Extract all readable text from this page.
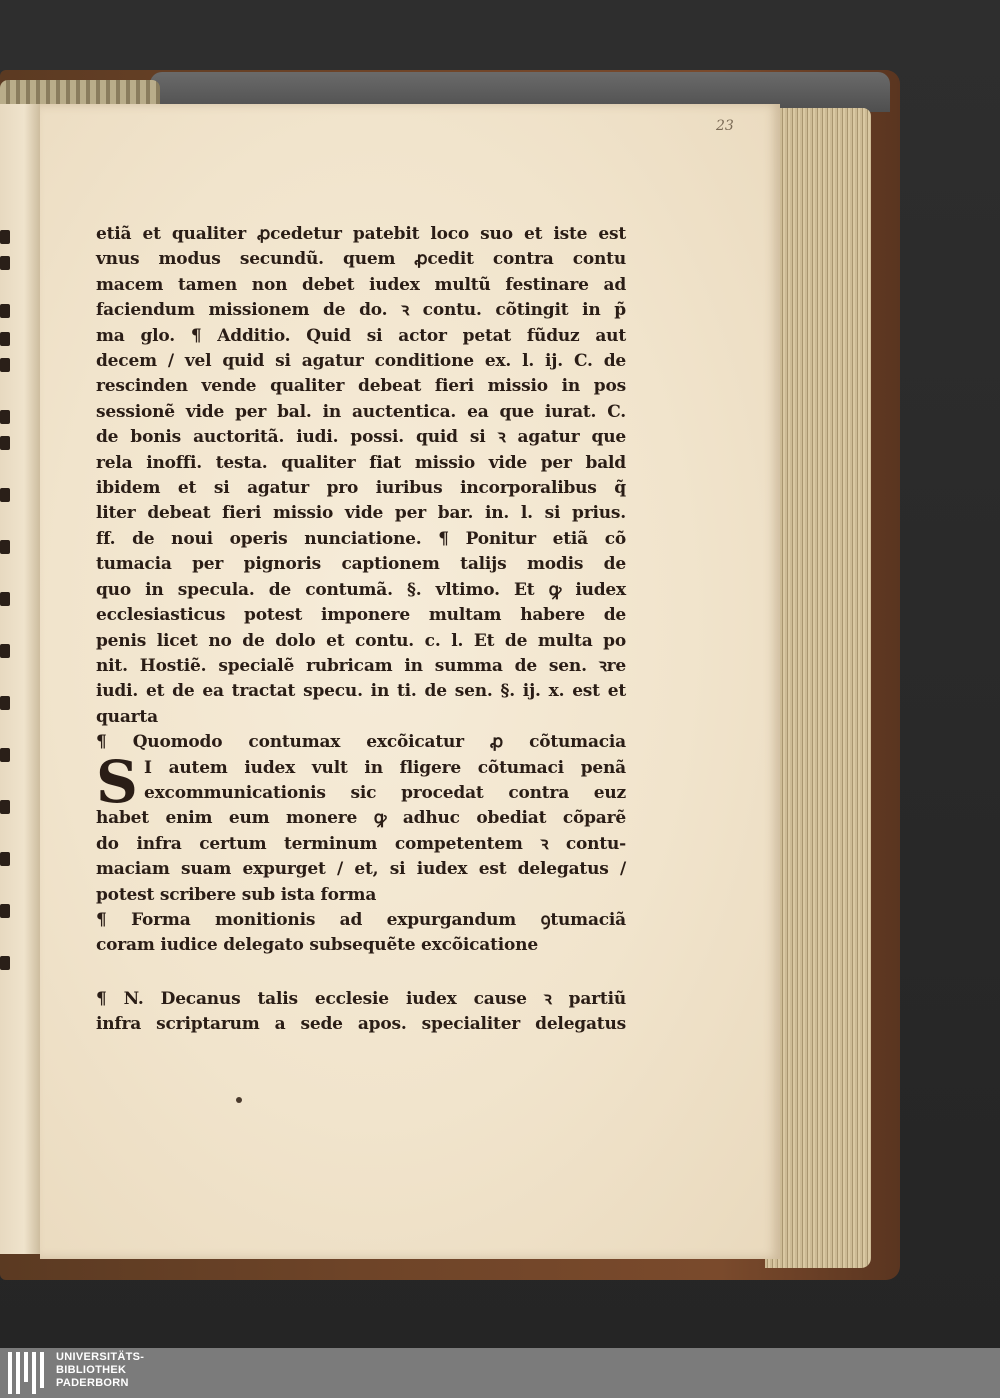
23
etiã et qualiter ꝓcedetur patebit loco suo et iste est
vnus modus secundũ. quem ꝓcedit contra contu
macem tamen non debet iudex multũ festinare ad
faciendum missionem de do. ꝛ contu. cõtingit in p̃
ma glo. ¶ Additio. Quid si actor petat fũduz aut
decem / vel quid si agatur conditione ex. l. ij. C. de
rescinden vende qualiter debeat fieri missio in pos
sessionẽ vide per bal. in auctentica. ea que iurat. C.
de bonis auctoritã. iudi. possi. quid si ꝛ agatur que
rela inoffi. testa. qualiter fiat missio vide per bald
ibidem et si agatur pro iuribus incorporalibus q̃
liter debeat fieri missio vide per bar. in. l. si prius.
ff. de noui operis nunciatione. ¶ Ponitur etiã cõ
tumacia per pignoris captionem talijs modis de
quo in specula. de contumã. §. vltimo. Et ꝙ iudex
ecclesiasticus potest imponere multam habere de
penis licet no de dolo et contu. c. l. Et de multa po
nit. Hostiẽ. specialẽ rubricam in summa de sen. ꝛre
iudi. et de ea tractat specu. in ti. de sen. §. ij. x. est et
quarta
¶ Quomodo contumax excõicatur ꝓ cõtumacia
S I autem iudex vult in fligere cõtumaci penã
excommunicationis sic procedat contra euz
habet enim eum monere ꝙ adhuc obediat cõparẽ
do infra certum terminum competentem ꝛ contu-
maciam suam expurget / et, si iudex est delegatus /
potest scribere sub ista forma
¶ Forma monitionis ad expurgandum ꝯtumaciã
coram iudice delegato subsequẽte excõicatione
¶ N. Decanus talis ecclesie iudex cause ꝛ partiũ
infra scriptarum a sede apos. specialiter delegatus
UNIVERSITÄTS-
BIBLIOTHEK
PADERBORN
